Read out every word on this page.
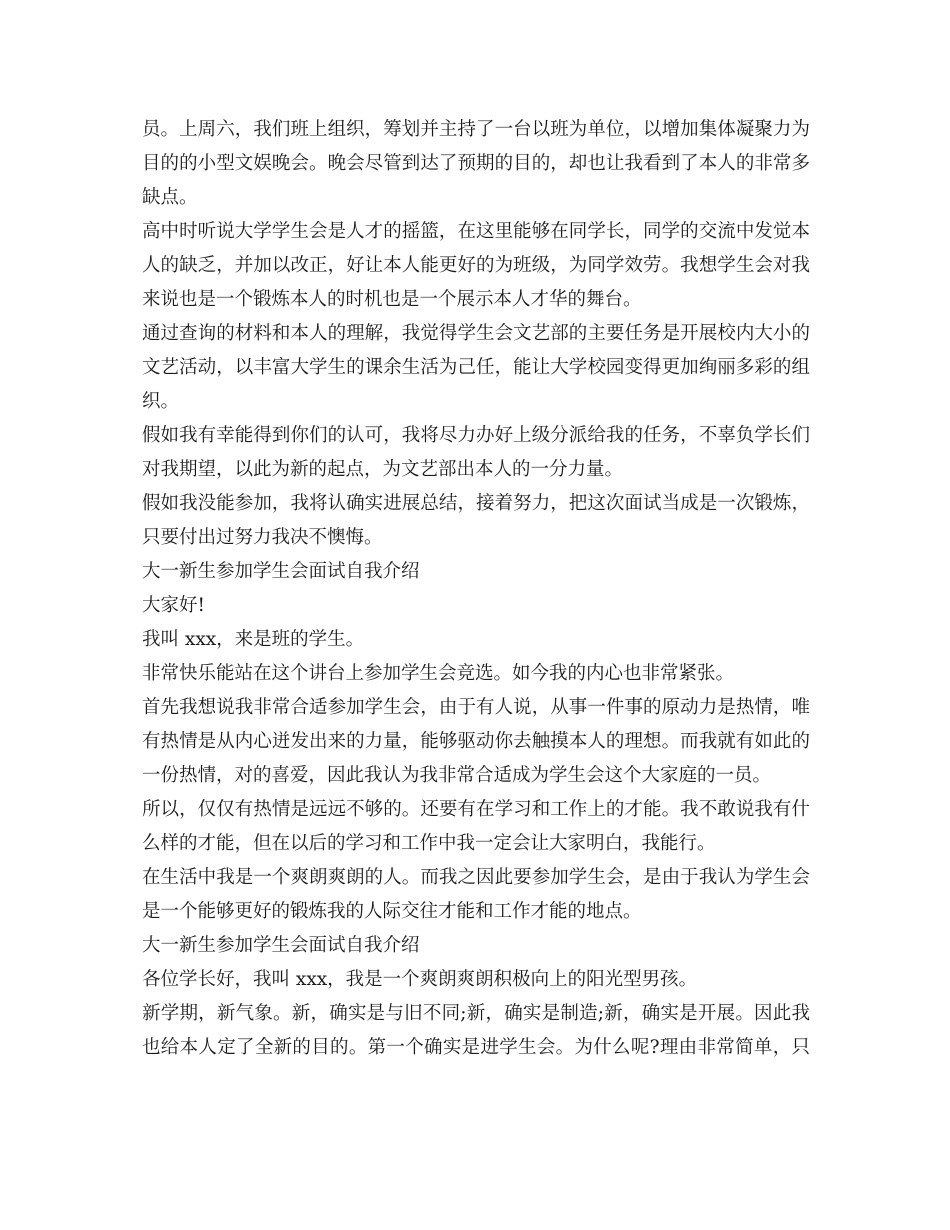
员。上周六，我们班上组织，筹划并主持了一台以班为单位，以增加集体凝聚力为
目的的小型文娱晚会。晚会尽管到达了预期的目的，却也让我看到了本人的非常多
缺点。
高中时听说大学学生会是人才的摇篮，在这里能够在同学长，同学的交流中发觉本
人的缺乏，并加以改正，好让本人能更好的为班级，为同学效劳。我想学生会对我
来说也是一个锻炼本人的时机也是一个展示本人才华的舞台。
通过查询的材料和本人的理解，我觉得学生会文艺部的主要任务是开展校内大小的
文艺活动，以丰富大学生的课余生活为己任，能让大学校园变得更加绚丽多彩的组
织。
假如我有幸能得到你们的认可，我将尽力办好上级分派给我的任务，不辜负学长们
对我期望，以此为新的起点，为文艺部出本人的一分力量。
假如我没能参加，我将认确实进展总结，接着努力，把这次面试当成是一次锻炼，
只要付出过努力我决不懊悔。
大一新生参加学生会面试自我介绍
大家好!
我叫 xxx，来是班的学生。
非常快乐能站在这个讲台上参加学生会竞选。如今我的内心也非常紧张。
首先我想说我非常合适参加学生会，由于有人说，从事一件事的原动力是热情，唯
有热情是从内心迸发出来的力量，能够驱动你去触摸本人的理想。而我就有如此的
一份热情，对的喜爱，因此我认为我非常合适成为学生会这个大家庭的一员。
所以，仅仅有热情是远远不够的。还要有在学习和工作上的才能。我不敢说我有什
么样的才能，但在以后的学习和工作中我一定会让大家明白，我能行。
在生活中我是一个爽朗爽朗的人。而我之因此要参加学生会，是由于我认为学生会
是一个能够更好的锻炼我的人际交往才能和工作才能的地点。
大一新生参加学生会面试自我介绍
各位学长好，我叫 xxx，我是一个爽朗爽朗积极向上的阳光型男孩。
新学期，新气象。新，确实是与旧不同;新，确实是制造;新，确实是开展。因此我
也给本人定了全新的目的。第一个确实是进学生会。为什么呢?理由非常简单，只
